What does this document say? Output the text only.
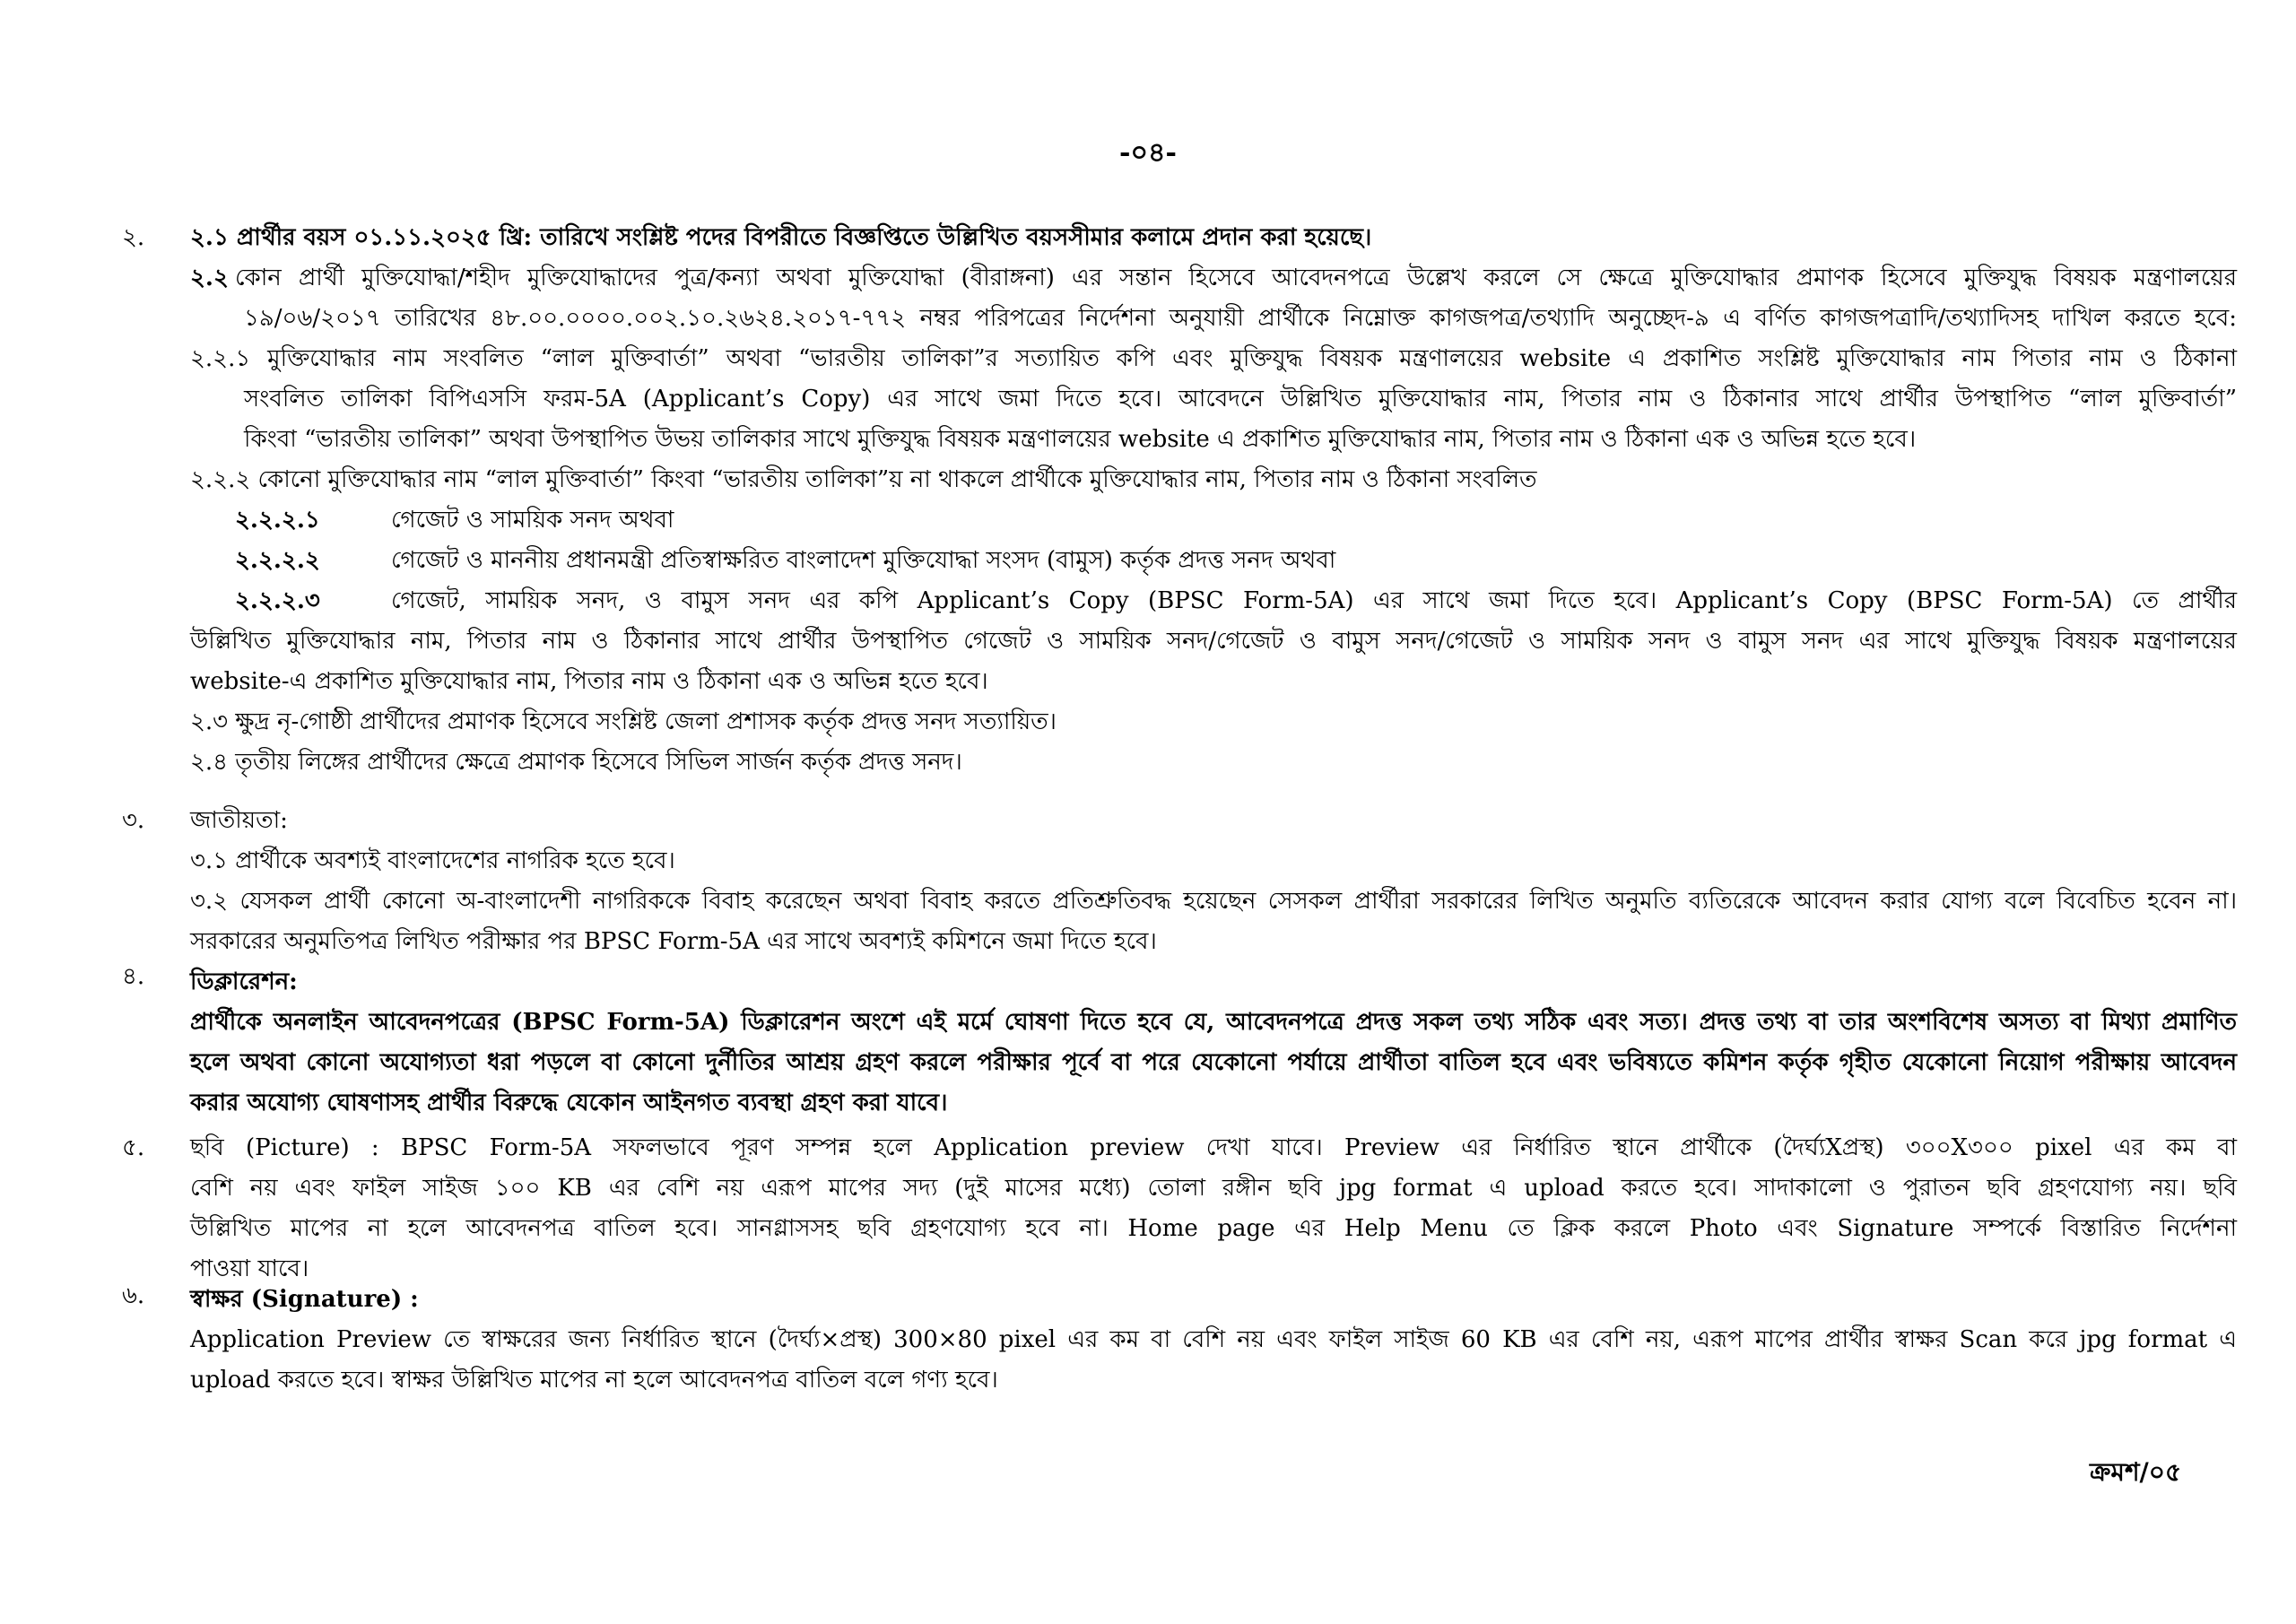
-০৪-
২. ২.১ প্রার্থীর বয়স ০১.১১.২০২৫ খ্রি: তারিখে সংশ্লিষ্ট পদের বিপরীতে বিজ্ঞপ্তিতে উল্লিখিত বয়সসীমার কলামে প্রদান করা হয়েছে।
২.২ কোন প্রার্থী মুক্তিযোদ্ধা/শহীদ মুক্তিযোদ্ধাদের পুত্র/কন্যা অথবা মুক্তিযোদ্ধা (বীরাঙ্গনা) এর সন্তান হিসেবে আবেদনপত্রে উল্লেখ করলে সে ক্ষেত্রে মুক্তিযোদ্ধার প্রমাণক হিসেবে মুক্তিযুদ্ধ বিষয়ক মন্ত্রণালয়ের
১৯/০৬/২০১৭ তারিখের ৪৮.০০.০০০০.০০২.১০.২৬২৪.২০১৭-৭৭২ নম্বর পরিপত্রের নির্দেশনা অনুযায়ী প্রার্থীকে নিম্নোক্ত কাগজপত্র/তথ্যাদি অনুচ্ছেদ-৯ এ বর্ণিত কাগজপত্রাদি/তথ্যাদিসহ দাখিল করতে হবে:
২.২.১ মুক্তিযোদ্ধার নাম সংবলিত “লাল মুক্তিবার্তা” অথবা “ভারতীয় তালিকা”র সত্যায়িত কপি এবং মুক্তিযুদ্ধ বিষয়ক মন্ত্রণালয়ের website এ প্রকাশিত সংশ্লিষ্ট মুক্তিযোদ্ধার নাম পিতার নাম ও ঠিকানা
সংবলিত তালিকা বিপিএসসি ফরম-5A (Applicant’s Copy) এর সাথে জমা দিতে হবে। আবেদনে উল্লিখিত মুক্তিযোদ্ধার নাম, পিতার নাম ও ঠিকানার সাথে প্রার্থীর উপস্থাপিত “লাল মুক্তিবার্তা”
কিংবা “ভারতীয় তালিকা” অথবা উপস্থাপিত উভয় তালিকার সাথে মুক্তিযুদ্ধ বিষয়ক মন্ত্রণালয়ের website এ প্রকাশিত মুক্তিযোদ্ধার নাম, পিতার নাম ও ঠিকানা এক ও অভিন্ন হতে হবে।
২.২.২ কোনো মুক্তিযোদ্ধার নাম “লাল মুক্তিবার্তা” কিংবা “ভারতীয় তালিকা”য় না থাকলে প্রার্থীকে মুক্তিযোদ্ধার নাম, পিতার নাম ও ঠিকানা সংবলিত
২.২.২.১	গেজেট ও সাময়িক সনদ অথবা
২.২.২.২	গেজেট ও মাননীয় প্রধানমন্ত্রী প্রতিস্বাক্ষরিত বাংলাদেশ মুক্তিযোদ্ধা সংসদ (বামুস) কর্তৃক প্রদত্ত সনদ অথবা
২.২.২.৩	গেজেট, সাময়িক সনদ, ও বামুস সনদ এর কপি Applicant’s Copy (BPSC Form-5A) এর সাথে জমা দিতে হবে। Applicant’s Copy (BPSC Form-5A) তে প্রার্থীর
উল্লিখিত মুক্তিযোদ্ধার নাম, পিতার নাম ও ঠিকানার সাথে প্রার্থীর উপস্থাপিত গেজেট ও সাময়িক সনদ/গেজেট ও বামুস সনদ/গেজেট ও সাময়িক সনদ ও বামুস সনদ এর সাথে মুক্তিযুদ্ধ বিষয়ক মন্ত্রণালয়ের
website-এ প্রকাশিত মুক্তিযোদ্ধার নাম, পিতার নাম ও ঠিকানা এক ও অভিন্ন হতে হবে।
২.৩ ক্ষুদ্র নৃ-গোষ্ঠী প্রার্থীদের প্রমাণক হিসেবে সংশ্লিষ্ট জেলা প্রশাসক কর্তৃক প্রদত্ত সনদ সত্যায়িত।
২.৪ তৃতীয় লিঙ্গের প্রার্থীদের ক্ষেত্রে প্রমাণক হিসেবে সিভিল সার্জন কর্তৃক প্রদত্ত সনদ।
৩. জাতীয়তা:
৩.১ প্রার্থীকে অবশ্যই বাংলাদেশের নাগরিক হতে হবে।
৩.২ যেসকল প্রার্থী কোনো অ-বাংলাদেশী নাগরিককে বিবাহ করেছেন অথবা বিবাহ করতে প্রতিশ্রুতিবদ্ধ হয়েছেন সেসকল প্রার্থীরা সরকারের লিখিত অনুমতি ব্যতিরেকে আবেদন করার যোগ্য বলে বিবেচিত হবেন না।
সরকারের অনুমতিপত্র লিখিত পরীক্ষার পর BPSC Form-5A এর সাথে অবশ্যই কমিশনে জমা দিতে হবে।
৪. ডিক্লারেশন:
প্রার্থীকে অনলাইন আবেদনপত্রের (BPSC Form-5A) ডিক্লারেশন অংশে এই মর্মে ঘোষণা দিতে হবে যে, আবেদনপত্রে প্রদত্ত সকল তথ্য সঠিক এবং সত্য। প্রদত্ত তথ্য বা তার অংশবিশেষ অসত্য বা মিথ্যা প্রমাণিত
হলে অথবা কোনো অযোগ্যতা ধরা পড়লে বা কোনো দুর্নীতির আশ্রয় গ্রহণ করলে পরীক্ষার পূর্বে বা পরে যেকোনো পর্যায়ে প্রার্থীতা বাতিল হবে এবং ভবিষ্যতে কমিশন কর্তৃক গৃহীত যেকোনো নিয়োগ পরীক্ষায় আবেদন
করার অযোগ্য ঘোষণাসহ প্রার্থীর বিরুদ্ধে যেকোন আইনগত ব্যবস্থা গ্রহণ করা যাবে।
৫. ছবি (Picture) : BPSC Form-5A সফলভাবে পূরণ সম্পন্ন হলে Application preview দেখা যাবে। Preview এর নির্ধারিত স্থানে প্রার্থীকে (দৈর্ঘ্যXপ্রস্থ) ৩০০X৩০০ pixel এর কম বা
বেশি নয় এবং ফাইল সাইজ ১০০ KB এর বেশি নয় এরূপ মাপের সদ্য (দুই মাসের মধ্যে) তোলা রঙ্গীন ছবি jpg format এ upload করতে হবে। সাদাকালো ও পুরাতন ছবি গ্রহণযোগ্য নয়। ছবি
উল্লিখিত মাপের না হলে আবেদনপত্র বাতিল হবে। সানগ্লাসসহ ছবি গ্রহণযোগ্য হবে না। Home page এর Help Menu তে ক্লিক করলে Photo এবং Signature সম্পর্কে বিস্তারিত নির্দেশনা
পাওয়া যাবে।
৬. স্বাক্ষর (Signature) :
Application Preview তে স্বাক্ষরের জন্য নির্ধারিত স্থানে (দৈর্ঘ্য×প্রস্থ) 300×80 pixel এর কম বা বেশি নয় এবং ফাইল সাইজ 60 KB এর বেশি নয়, এরূপ মাপের প্রার্থীর স্বাক্ষর Scan করে jpg format এ
upload করতে হবে। স্বাক্ষর উল্লিখিত মাপের না হলে আবেদনপত্র বাতিল বলে গণ্য হবে।
ক্রমশ/০৫
